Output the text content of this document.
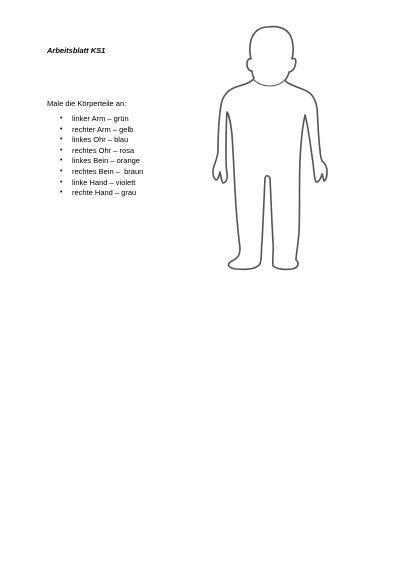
Arbeitsblatt KS1

Male die Körperteile an:

• linker Arm – grün
• rechter Arm – gelb
• linkes Ohr – blau
• rechtes Ohr – rosa
• linkes Bein – orange
• rechtes Bein –  braun
• linke Hand – violett
• rechte Hand – grau
